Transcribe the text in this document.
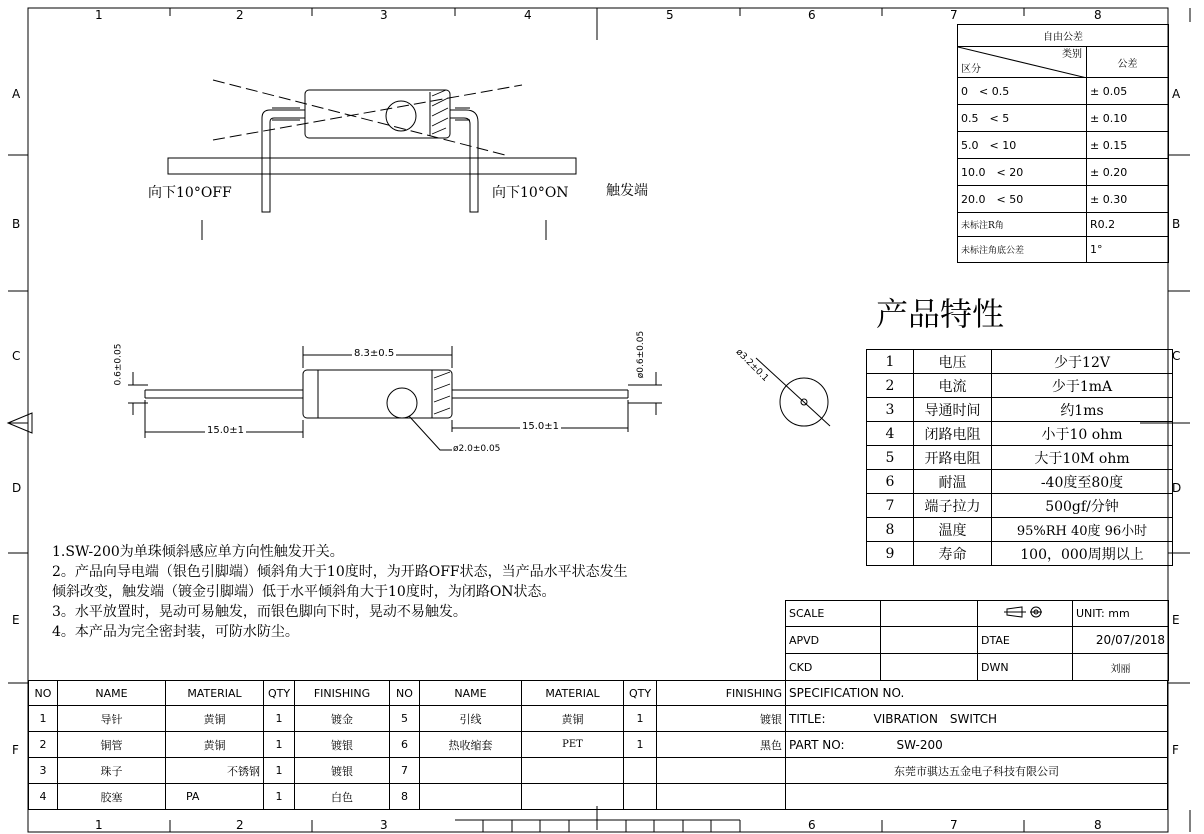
1	2	3	4	5	6	7	8
1	2	3	6	7	8
A
B
C
D
E
F
A
B
C
D
E
F
向下10°OFF	向下10°ON	触发端
8.3±0.5
15.0±1	15.0±1
ø2.0±0.05
0.6±0.05	ø0.6±0.05	ø3.2±0.1
自由公差	

类别
区分	公差
0　< 0.5	± 0.05
0.5　< 5	± 0.10
5.0　< 10	± 0.15
10.0　< 20	± 0.20
20.0　< 50	± 0.30
未标注R角	R0.2
未标注角底公差	1°
产品特性
1	电压	少于12V
2	电流	少于1mA
3	导通时间	约1ms
4	闭路电阻	小于10 ohm
5	开路电阻	大于10M ohm
6	耐温	-40度至80度
7	端子拉力	500gf/分钟
8	温度	95%RH 40度 96小时
9	寿命	100，000周期以上
1.SW-200为单珠倾斜感应单方向性触发开关。
2。产品向导电端（银色引脚端）倾斜角大于10度时，为开路OFF状态，当产品水平状态发生
倾斜改变，触发端（镀金引脚端）低于水平倾斜角大于10度时，为闭路ON状态。
3。水平放置时，晃动可易触发，而银色脚向下时，晃动不易触发。
4。本产品为完全密封装，可防水防尘。
SCALE			UNIT: mm
APVD		DTAE	20/07/2018
CKD		DWN	刘丽
NO	NAME	MATERIAL	QTY	FINISHING	NO	NAME	MATERIAL	QTY	FINISHING
1	导针	黄铜	1	镀金	5	引线	黄铜	1	镀银
2	铜管	黄铜	1	镀银	6	热收缩套	PET	1	黑色
3	珠子	不锈钢	1	镀银	7				
4	胶塞	PA	1	白色	8				
SPECIFICATION NO.
TITLE:	VIBRATION　SWITCH
PART NO:	SW-200
东莞市骐达五金电子科技有限公司
